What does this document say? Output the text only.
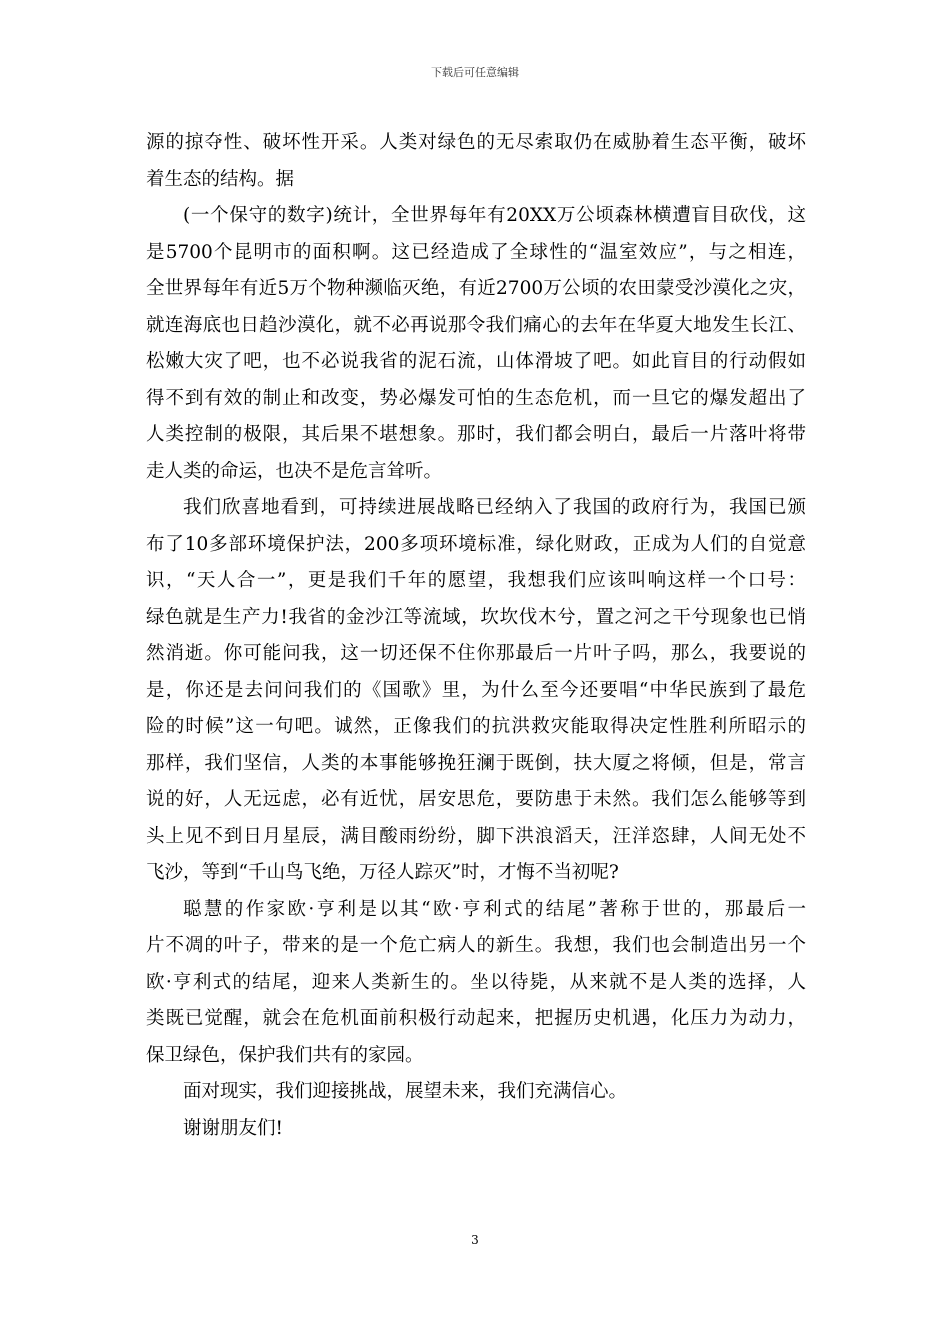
下载后可任意编辑
源的掠夺性、破坏性开采。人类对绿色的无尽索取仍在威胁着生态平衡，破坏
着生态的结构。据
(一个保守的数字)统计，全世界每年有20XX万公顷森林横遭盲目砍伐，这
是5700个昆明市的面积啊。这已经造成了全球性的“温室效应”，与之相连，
全世界每年有近5万个物种濒临灭绝，有近2700万公顷的农田蒙受沙漠化之灾，
就连海底也日趋沙漠化，就不必再说那令我们痛心的去年在华夏大地发生长江、
松嫩大灾了吧，也不必说我省的泥石流，山体滑坡了吧。如此盲目的行动假如
得不到有效的制止和改变，势必爆发可怕的生态危机，而一旦它的爆发超出了
人类控制的极限，其后果不堪想象。那时，我们都会明白，最后一片落叶将带
走人类的命运，也决不是危言耸听。
我们欣喜地看到，可持续进展战略已经纳入了我国的政府行为，我国已颁
布了10多部环境保护法，200多项环境标准，绿化财政，正成为人们的自觉意
识，“天人合一”，更是我们千年的愿望，我想我们应该叫响这样一个口号：
绿色就是生产力!我省的金沙江等流域，坎坎伐木兮，置之河之干兮现象也已悄
然消逝。你可能问我，这一切还保不住你那最后一片叶子吗，那么，我要说的
是，你还是去问问我们的《国歌》里，为什么至今还要唱“中华民族到了最危
险的时候”这一句吧。诚然，正像我们的抗洪救灾能取得决定性胜利所昭示的
那样，我们坚信，人类的本事能够挽狂澜于既倒，扶大厦之将倾，但是，常言
说的好，人无远虑，必有近忧，居安思危，要防患于未然。我们怎么能够等到
头上见不到日月星辰，满目酸雨纷纷，脚下洪浪滔天，汪洋恣肆，人间无处不
飞沙，等到“千山鸟飞绝，万径人踪灭”时，才悔不当初呢?
聪慧的作家欧·亨利是以其“欧·亨利式的结尾”著称于世的，那最后一
片不凋的叶子，带来的是一个危亡病人的新生。我想，我们也会制造出另一个
欧·亨利式的结尾，迎来人类新生的。坐以待毙，从来就不是人类的选择，人
类既已觉醒，就会在危机面前积极行动起来，把握历史机遇，化压力为动力，
保卫绿色，保护我们共有的家园。
面对现实，我们迎接挑战，展望未来，我们充满信心。
谢谢朋友们!
3
